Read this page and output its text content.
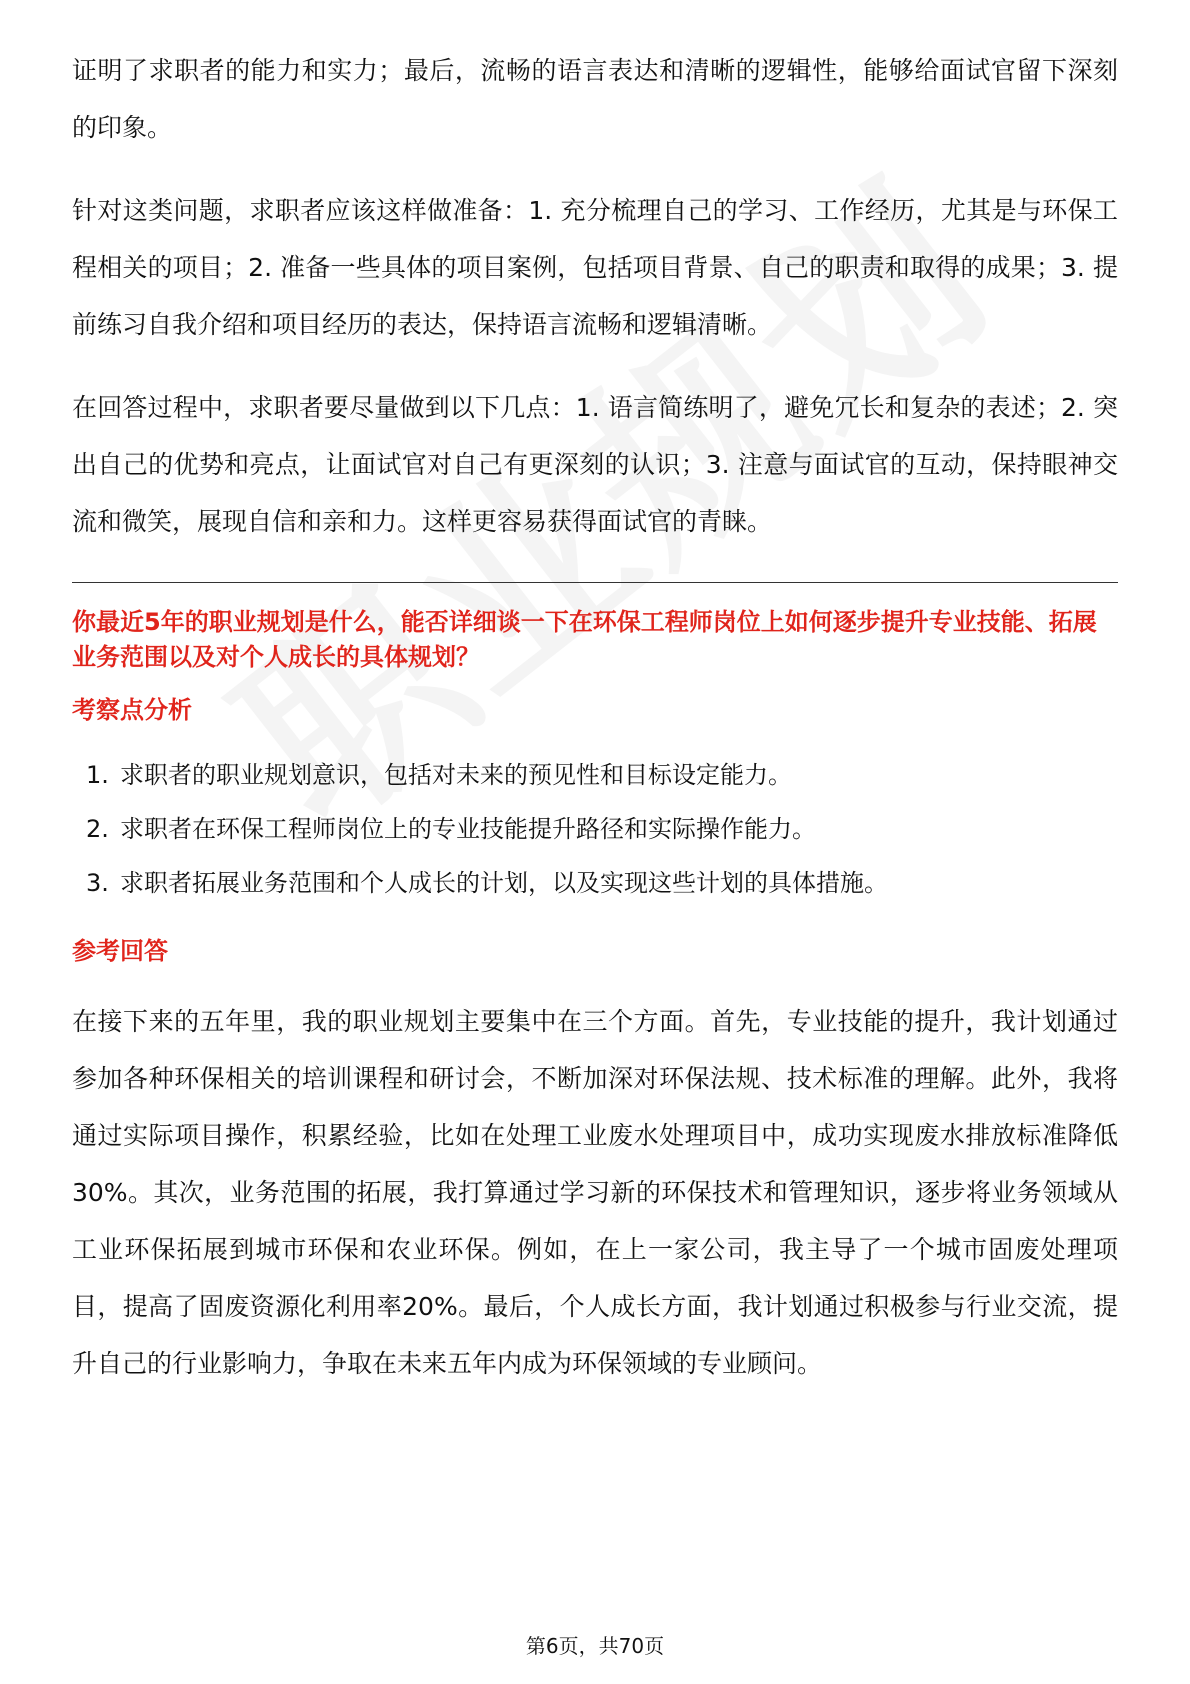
证明了求职者的能力和实力；最后，流畅的语言表达和清晰的逻辑性，能够给面试官留下深刻的印象。

针对这类问题，求职者应该这样做准备：1. 充分梳理自己的学习、工作经历，尤其是与环保工程相关的项目；2. 准备一些具体的项目案例，包括项目背景、自己的职责和取得的成果；3. 提前练习自我介绍和项目经历的表达，保持语言流畅和逻辑清晰。

在回答过程中，求职者要尽量做到以下几点：1. 语言简练明了，避免冗长和复杂的表述；2. 突出自己的优势和亮点，让面试官对自己有更深刻的认识；3. 注意与面试官的互动，保持眼神交流和微笑，展现自信和亲和力。这样更容易获得面试官的青睐。

你最近5年的职业规划是什么，能否详细谈一下在环保工程师岗位上如何逐步提升专业技能、拓展业务范围以及对个人成长的具体规划？
考察点分析
1. 求职者的职业规划意识，包括对未来的预见性和目标设定能力。
2. 求职者在环保工程师岗位上的专业技能提升路径和实际操作能力。
3. 求职者拓展业务范围和个人成长的计划，以及实现这些计划的具体措施。
参考回答

在接下来的五年里，我的职业规划主要集中在三个方面。首先，专业技能的提升，我计划通过参加各种环保相关的培训课程和研讨会，不断加深对环保法规、技术标准的理解。此外，我将通过实际项目操作，积累经验，比如在处理工业废水处理项目中，成功实现废水排放标准降低30%。其次，业务范围的拓展，我打算通过学习新的环保技术和管理知识，逐步将业务领域从工业环保拓展到城市环保和农业环保。例如，在上一家公司，我主导了一个城市固废处理项目，提高了固废资源化利用率20%。最后，个人成长方面，我计划通过积极参与行业交流，提升自己的行业影响力，争取在未来五年内成为环保领域的专业顾问。

第6页，共70页
